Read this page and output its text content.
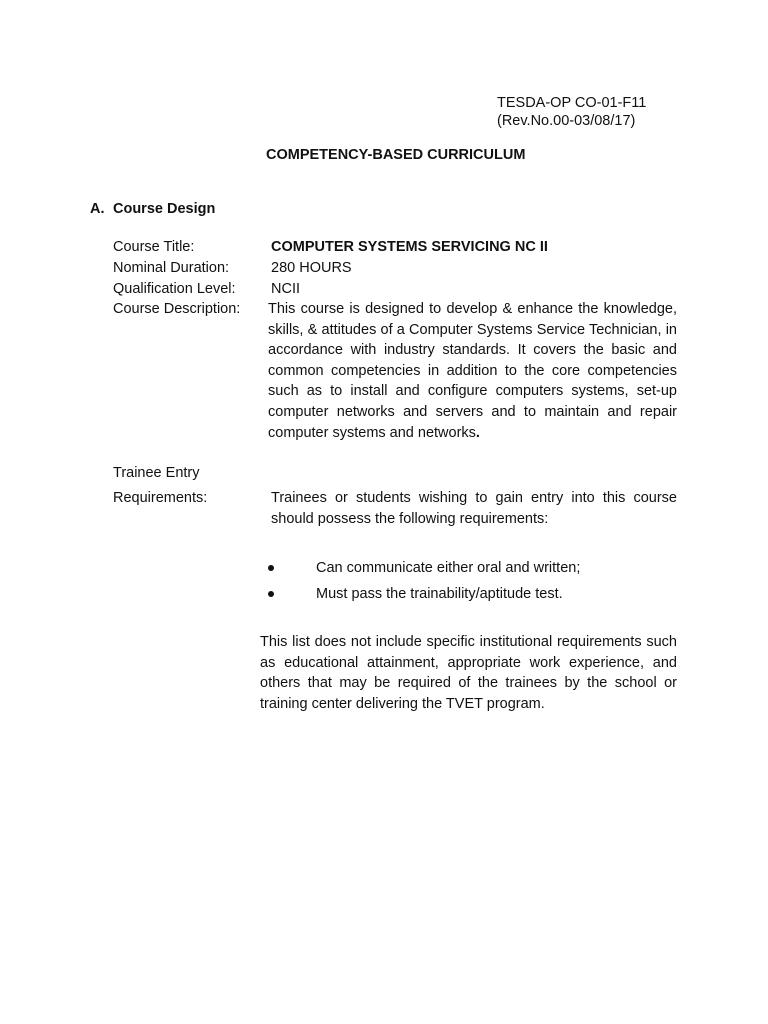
TESDA-OP CO-01-F11

(Rev.No.00-03/08/17)

COMPETENCY-BASED CURRICULUM

A. Course Design

Course Title:	COMPUTER SYSTEMS SERVICING NC II

Nominal Duration:	280 HOURS

Qualification Level: NCII

Course Description: This course is designed to develop & enhance the knowledge, skills, & attitudes of a Computer Systems Service Technician, in accordance with industry standards. It covers the basic and common competencies in addition to the core competencies such as to install and configure computers systems, set-up computer networks and servers and to maintain and repair computer systems and networks.

Trainee Entry

Requirements:	Trainees or students wishing to gain entry into this course should possess the following requirements:

Can communicate either oral and written;

Must pass the trainability/aptitude test.

This list does not include specific institutional requirements such as educational attainment, appropriate work experience, and others that may be required of the trainees by the school or training center delivering the TVET program.
